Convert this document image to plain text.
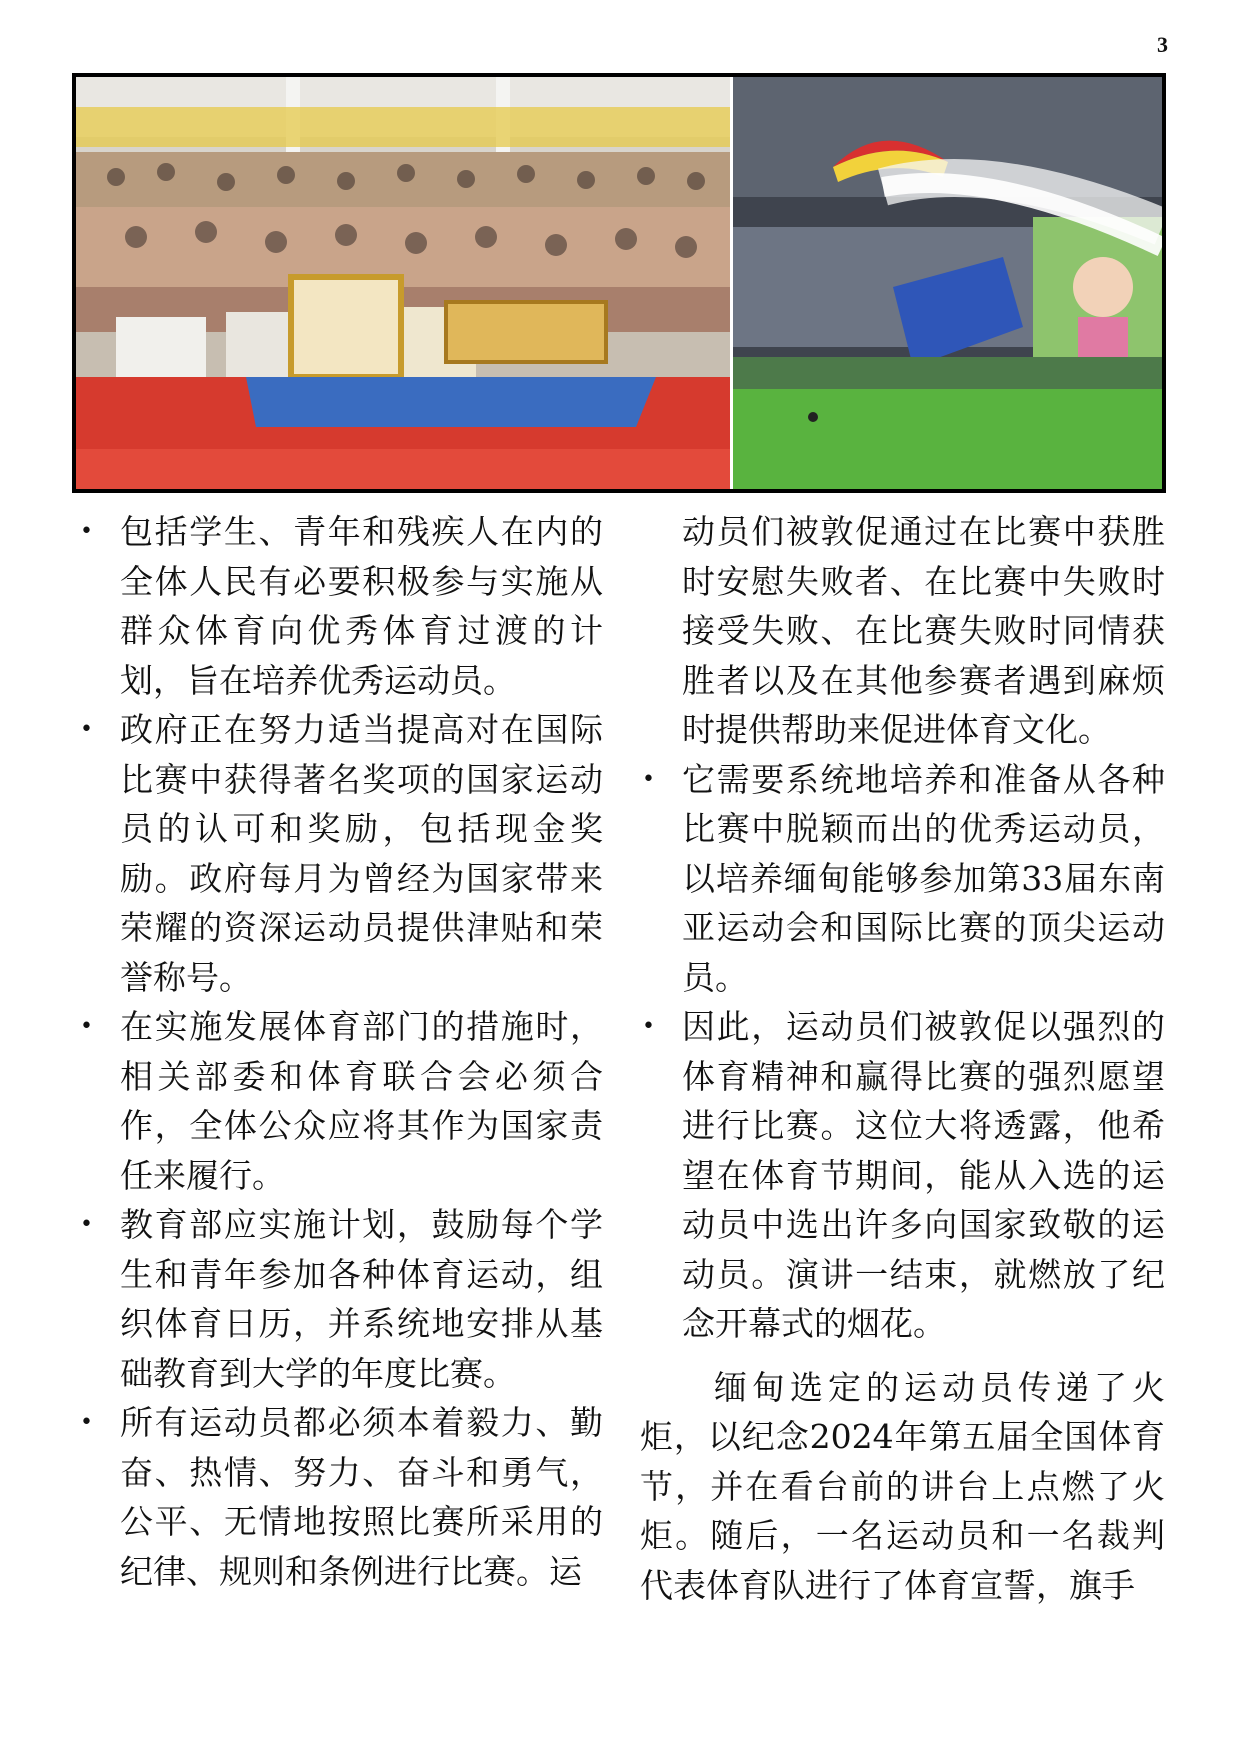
3
• 包括学生、青年和残疾人在内的全体人民有必要积极参与实施从群众体育向优秀体育过渡的计划，旨在培养优秀运动员。
• 政府正在努力适当提高对在国际比赛中获得著名奖项的国家运动员的认可和奖励，包括现金奖励。政府每月为曾经为国家带来荣耀的资深运动员提供津贴和荣誉称号。
• 在实施发展体育部门的措施时，相关部委和体育联合会必须合作，全体公众应将其作为国家责任来履行。
• 教育部应实施计划，鼓励每个学生和青年参加各种体育运动，组织体育日历，并系统地安排从基础教育到大学的年度比赛。
• 所有运动员都必须本着毅力、勤奋、热情、努力、奋斗和勇气，公平、无情地按照比赛所采用的纪律、规则和条例进行比赛。运
动员们被敦促通过在比赛中获胜时安慰失败者、在比赛中失败时接受失败、在比赛失败时同情获胜者以及在其他参赛者遇到麻烦时提供帮助来促进体育文化。
• 它需要系统地培养和准备从各种比赛中脱颖而出的优秀运动员，以培养缅甸能够参加第33届东南亚运动会和国际比赛的顶尖运动员。
• 因此，运动员们被敦促以强烈的体育精神和赢得比赛的强烈愿望进行比赛。这位大将透露，他希望在体育节期间，能从入选的运动员中选出许多向国家致敬的运动员。演讲一结束，就燃放了纪念开幕式的烟花。

缅甸选定的运动员传递了火炬，以纪念2024年第五届全国体育节，并在看台前的讲台上点燃了火炬。随后，一名运动员和一名裁判代表体育队进行了体育宣誓，旗手
